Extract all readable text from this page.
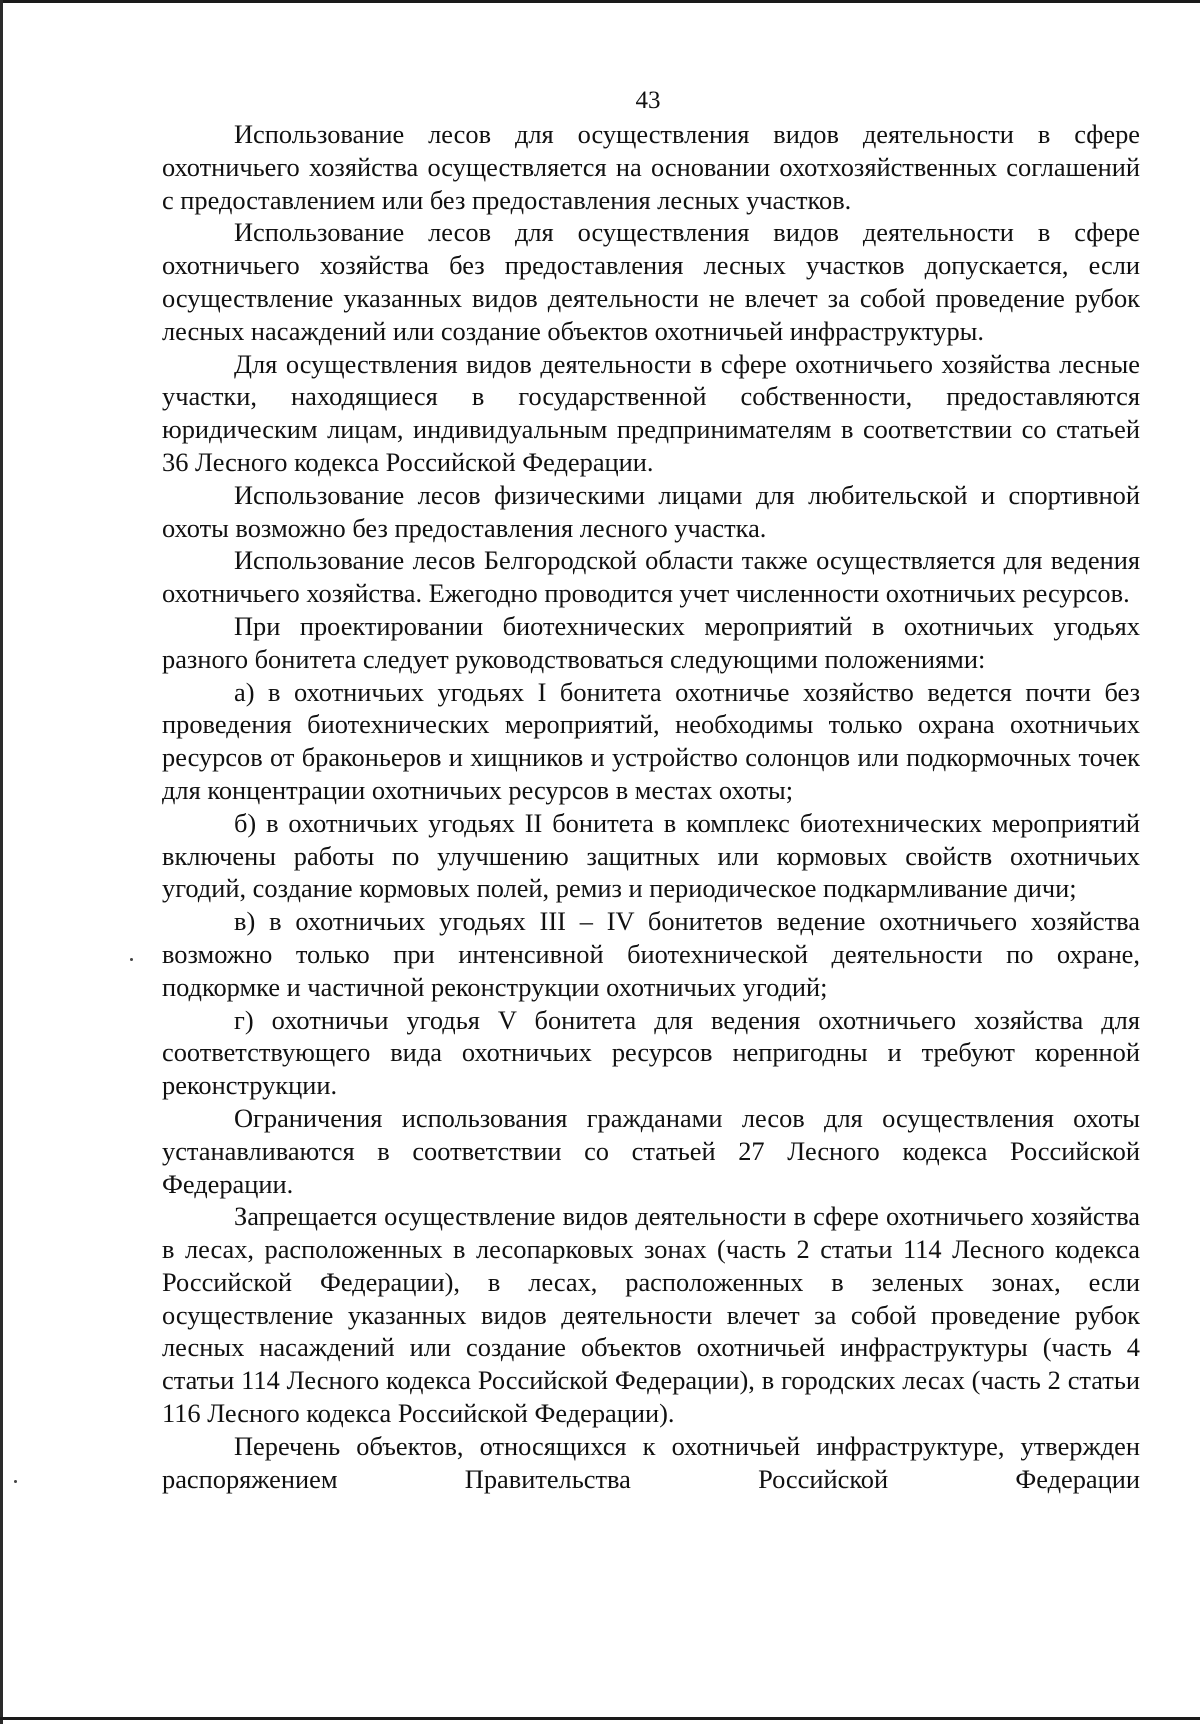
43

Использование лесов для осуществления видов деятельности в сфере охотничьего хозяйства осуществляется на основании охотхозяйственных соглашений с предоставлением или без предоставления лесных участков.

Использование лесов для осуществления видов деятельности в сфере охотничьего хозяйства без предоставления лесных участков допускается, если осуществление указанных видов деятельности не влечет за собой проведение рубок лесных насаждений или создание объектов охотничьей инфраструктуры.

Для осуществления видов деятельности в сфере охотничьего хозяйства лесные участки, находящиеся в государственной собственности, предоставляются юридическим лицам, индивидуальным предпринимателям в соответствии со статьей 36 Лесного кодекса Российской Федерации.

Использование лесов физическими лицами для любительской и спортивной охоты возможно без предоставления лесного участка.

Использование лесов Белгородской области также осуществляется для ведения охотничьего хозяйства. Ежегодно проводится учет численности охотничьих ресурсов.

При проектировании биотехнических мероприятий в охотничьих угодьях разного бонитета следует руководствоваться следующими положениями:

а) в охотничьих угодьях I бонитета охотничье хозяйство ведется почти без проведения биотехнических мероприятий, необходимы только охрана охотничьих ресурсов от браконьеров и хищников и устройство солонцов или подкормочных точек для концентрации охотничьих ресурсов в местах охоты;

б) в охотничьих угодьях II бонитета в комплекс биотехнических мероприятий включены работы по улучшению защитных или кормовых свойств охотничьих угодий, создание кормовых полей, ремиз и периодическое подкармливание дичи;

в) в охотничьих угодьях III – IV бонитетов ведение охотничьего хозяйства возможно только при интенсивной биотехнической деятельности по охране, подкормке и частичной реконструкции охотничьих угодий;

г) охотничьи угодья V бонитета для ведения охотничьего хозяйства для соответствующего вида охотничьих ресурсов непригодны и требуют коренной реконструкции.

Ограничения использования гражданами лесов для осуществления охоты устанавливаются в соответствии со статьей 27 Лесного кодекса Российской Федерации.

Запрещается осуществление видов деятельности в сфере охотничьего хозяйства в лесах, расположенных в лесопарковых зонах (часть 2 статьи 114 Лесного кодекса Российской Федерации), в лесах, расположенных в зеленых зонах, если осуществление указанных видов деятельности влечет за собой проведение рубок лесных насаждений или создание объектов охотничьей инфраструктуры (часть 4 статьи 114 Лесного кодекса Российской Федерации), в городских лесах (часть 2 статьи 116 Лесного кодекса Российской Федерации).

Перечень объектов, относящихся к охотничьей инфраструктуре, утвержден распоряжением Правительства Российской Федерации
